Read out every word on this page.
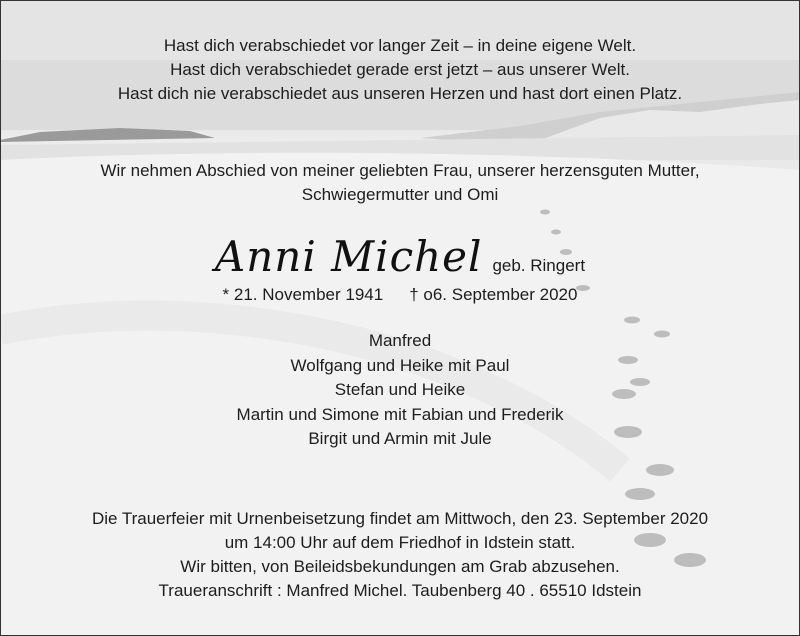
Hast dich verabschiedet vor langer Zeit – in deine eigene Welt.
Hast dich verabschiedet gerade erst jetzt – aus unserer Welt.
Hast dich nie verabschiedet aus unseren Herzen und hast dort einen Platz.
Wir nehmen Abschied von meiner geliebten Frau, unserer herzensguten Mutter,
Schwiegermutter und Omi
Anni Michel geb. Ringert
* 21. November 1941 † o6. September 2020
Manfred
Wolfgang und Heike mit Paul
Stefan und Heike
Martin und Simone mit Fabian und Frederik
Birgit und Armin mit Jule
Die Trauerfeier mit Urnenbeisetzung findet am Mittwoch, den 23. September 2020
um 14:00 Uhr auf dem Friedhof in Idstein statt.
Wir bitten, von Beileidsbekundungen am Grab abzusehen.
Traueranschrift : Manfred Michel. Taubenberg 40 . 65510 Idstein
